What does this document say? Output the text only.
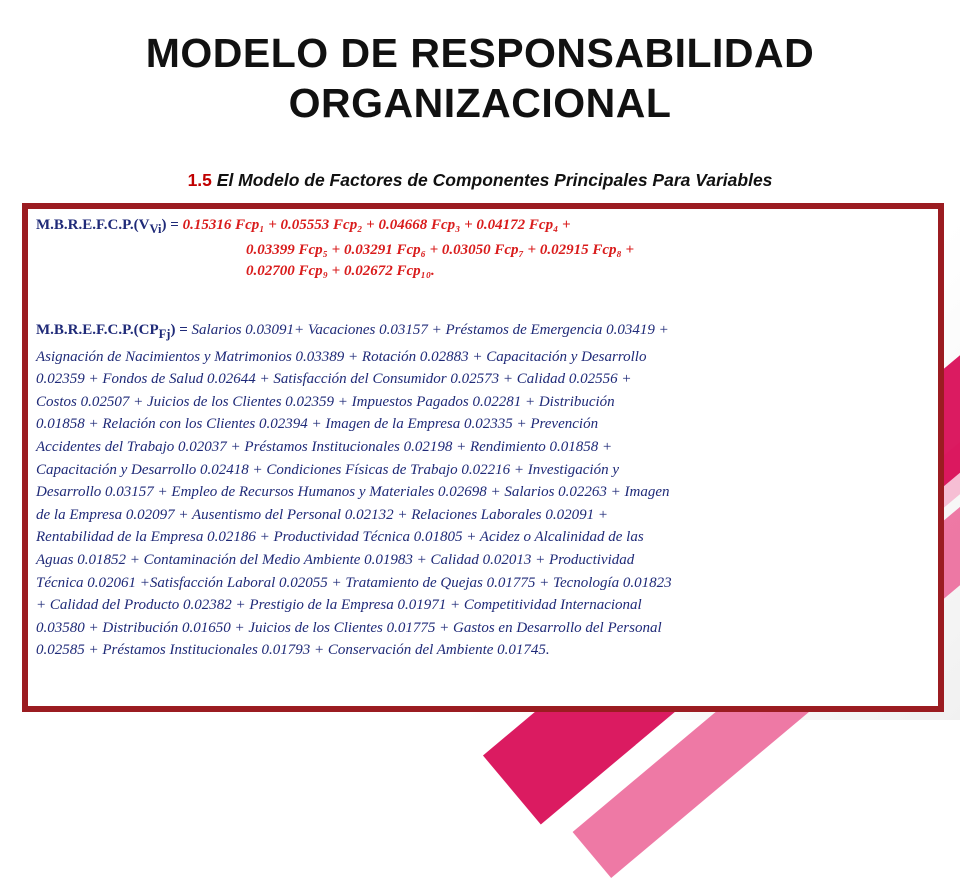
MODELO DE RESPONSABILIDAD
ORGANIZACIONAL
1.5 El Modelo de Factores de Componentes Principales Para Variables
$M.B.R.E.F.C.P.(V_{Vi}) = 0.15316$ Fcp₁ + 0.05553 Fcp₂ + 0.04668 Fcp₃ + 0.04172 Fcp₄ +
0.03399 Fcp₅ + 0.03291 Fcp₆ + 0.03050 Fcp₇ + 0.02915 Fcp₈ +
0.02700 Fcp₉ + 0.02672 Fcp₁₀.
$M.B.R.E.F.C.P.(CP_{Fj})$ = Salarios 0.03091+ Vacaciones 0.03157 + Préstamos de Emergencia 0.03419 +
Asignación de Nacimientos y Matrimonios 0.03389 + Rotación 0.02883 + Capacitación y Desarrollo
0.02359 + Fondos de Salud 0.02644 + Satisfacción del Consumidor 0.02573 + Calidad 0.02556 +
Costos 0.02507 + Juicios de los Clientes 0.02359 + Impuestos Pagados 0.02281 + Distribución
0.01858 + Relación con los Clientes 0.02394 + Imagen de la Empresa 0.02335 + Prevención
Accidentes del Trabajo 0.02037 + Préstamos Institucionales 0.02198 + Rendimiento 0.01858 +
Capacitación y Desarrollo 0.02418 + Condiciones Físicas de Trabajo 0.02216 + Investigación y
Desarrollo 0.03157 + Empleo de Recursos Humanos y Materiales 0.02698 + Salarios 0.02263 + Imagen
de la Empresa 0.02097 + Ausentismo del Personal 0.02132 + Relaciones Laborales 0.02091 +
Rentabilidad de la Empresa 0.02186 + Productividad Técnica 0.01805 + Acidez o Alcalinidad de las
Aguas 0.01852 + Contaminación del Medio Ambiente 0.01983 + Calidad 0.02013 + Productividad
Técnica 0.02061 +Satisfacción Laboral 0.02055 + Tratamiento de Quejas 0.01775 + Tecnología 0.01823
+ Calidad del Producto 0.02382 + Prestigio de la Empresa 0.01971 + Competitividad Internacional
0.03580 + Distribución 0.01650 + Juicios de los Clientes 0.01775 + Gastos en Desarrollo del Personal
0.02585 + Préstamos Institucionales 0.01793 + Conservación del Ambiente 0.01745.
